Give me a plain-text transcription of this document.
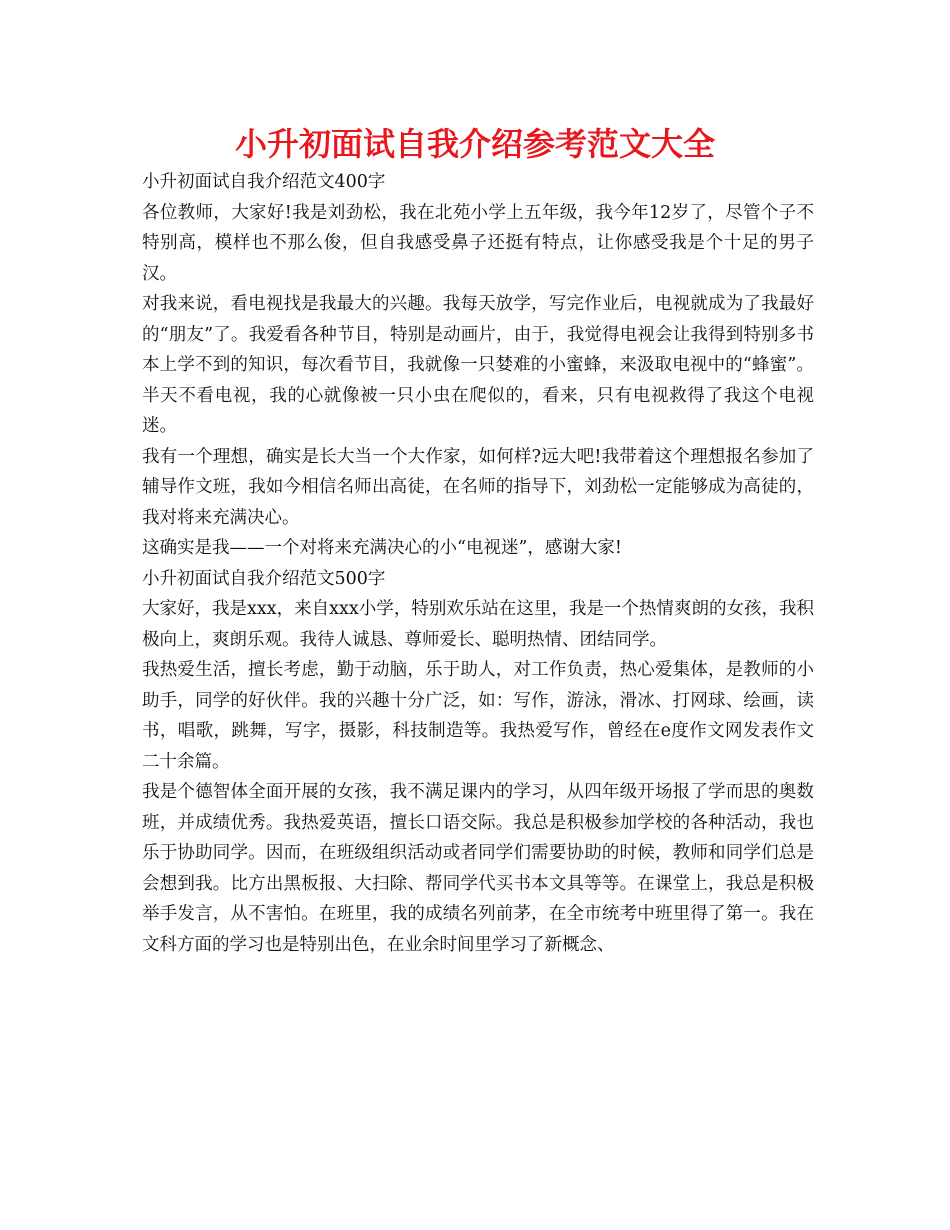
小升初面试自我介绍参考范文大全

小升初面试自我介绍范文400字

各位教师，大家好!我是刘劲松，我在北苑小学上五年级，我今年12岁了，尽管个子不特别高，模样也不那么俊，但自我感受鼻子还挺有特点，让你感受我是个十足的男子汉。

对我来说，看电视找是我最大的兴趣。我每天放学，写完作业后，电视就成为了我最好的“朋友”了。我爱看各种节目，特别是动画片，由于，我觉得电视会让我得到特别多书本上学不到的知识，每次看节目，我就像一只婪难的小蜜蜂，来汲取电视中的“蜂蜜”。半天不看电视，我的心就像被一只小虫在爬似的，看来，只有电视救得了我这个电视迷。

我有一个理想，确实是长大当一个大作家，如何样?远大吧!我带着这个理想报名参加了辅导作文班，我如今相信名师出高徒，在名师的指导下，刘劲松一定能够成为高徒的，我对将来充满决心。

这确实是我——一个对将来充满决心的小“电视迷”，感谢大家!

小升初面试自我介绍范文500字

大家好，我是xxx，来自xxx小学，特别欢乐站在这里，我是一个热情爽朗的女孩，我积极向上，爽朗乐观。我待人诚恳、尊师爱长、聪明热情、团结同学。

我热爱生活，擅长考虑，勤于动脑，乐于助人，对工作负责，热心爱集体，是教师的小助手，同学的好伙伴。我的兴趣十分广泛，如：写作，游泳，滑冰、打网球、绘画，读书，唱歌，跳舞，写字，摄影，科技制造等。我热爱写作，曾经在e度作文网发表作文二十余篇。

我是个德智体全面开展的女孩，我不满足课内的学习，从四年级开场报了学而思的奥数班，并成绩优秀。我热爱英语，擅长口语交际。我总是积极参加学校的各种活动，我也乐于协助同学。因而，在班级组织活动或者同学们需要协助的时候，教师和同学们总是会想到我。比方出黑板报、大扫除、帮同学代买书本文具等等。在课堂上，我总是积极举手发言，从不害怕。在班里，我的成绩名列前茅，在全市统考中班里得了第一。我在文科方面的学习也是特别出色，在业余时间里学习了新概念、
